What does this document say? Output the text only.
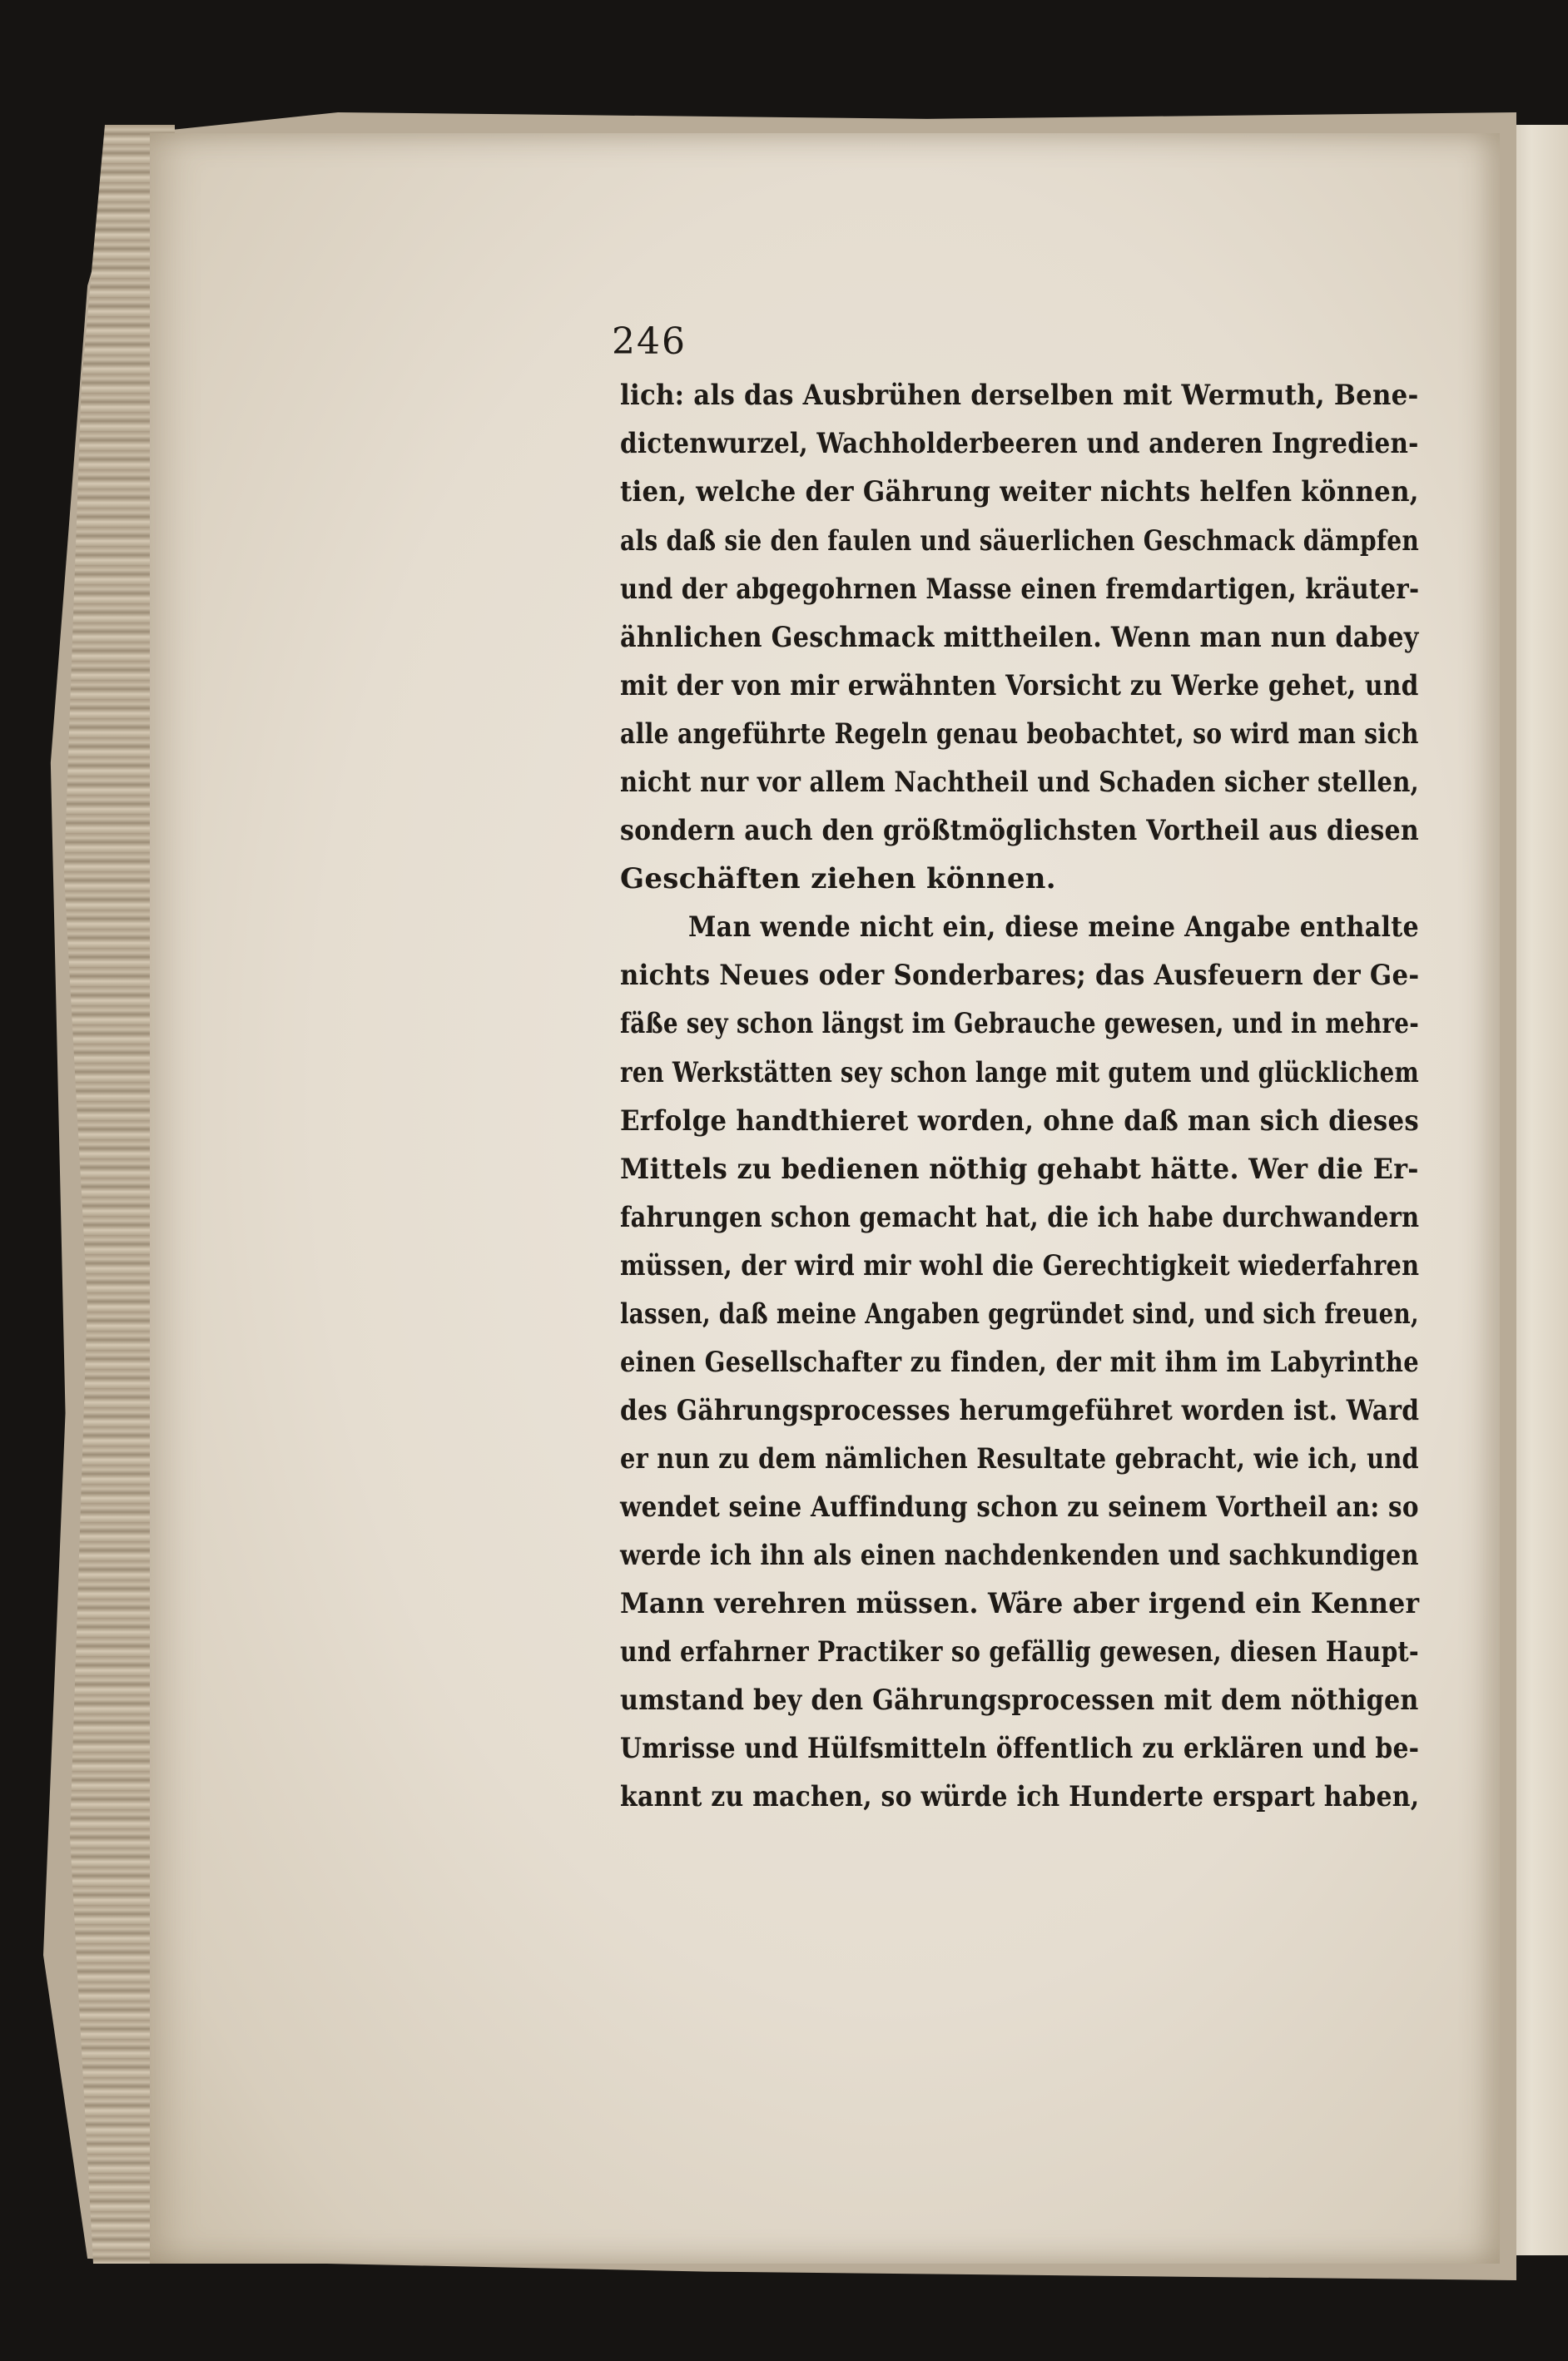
246
lich: als das Ausbrühen derselben mit Wermuth, Bene-
dictenwurzel, Wachholderbeeren und anderen Ingredien-
tien, welche der Gährung weiter nichts helfen können,
als daß sie den faulen und säuerlichen Geschmack dämpfen
und der abgegohrnen Masse einen fremdartigen, kräuter-
ähnlichen Geschmack mittheilen. Wenn man nun dabey
mit der von mir erwähnten Vorsicht zu Werke gehet, und
alle angeführte Regeln genau beobachtet, so wird man sich
nicht nur vor allem Nachtheil und Schaden sicher stellen,
sondern auch den größtmöglichsten Vortheil aus diesen
Geschäften ziehen können.
Man wende nicht ein, diese meine Angabe enthalte
nichts Neues oder Sonderbares; das Ausfeuern der Ge-
fäße sey schon längst im Gebrauche gewesen, und in mehre-
ren Werkstätten sey schon lange mit gutem und glücklichem
Erfolge handthieret worden, ohne daß man sich dieses
Mittels zu bedienen nöthig gehabt hätte. Wer die Er-
fahrungen schon gemacht hat, die ich habe durchwandern
müssen, der wird mir wohl die Gerechtigkeit wiederfahren
lassen, daß meine Angaben gegründet sind, und sich freuen,
einen Gesellschafter zu finden, der mit ihm im Labyrinthe
des Gährungsprocesses herumgeführet worden ist. Ward
er nun zu dem nämlichen Resultate gebracht, wie ich, und
wendet seine Auffindung schon zu seinem Vortheil an: so
werde ich ihn als einen nachdenkenden und sachkundigen
Mann verehren müssen. Wäre aber irgend ein Kenner
und erfahrner Practiker so gefällig gewesen, diesen Haupt-
umstand bey den Gährungsprocessen mit dem nöthigen
Umrisse und Hülfsmitteln öffentlich zu erklären und be-
kannt zu machen, so würde ich Hunderte erspart haben,
